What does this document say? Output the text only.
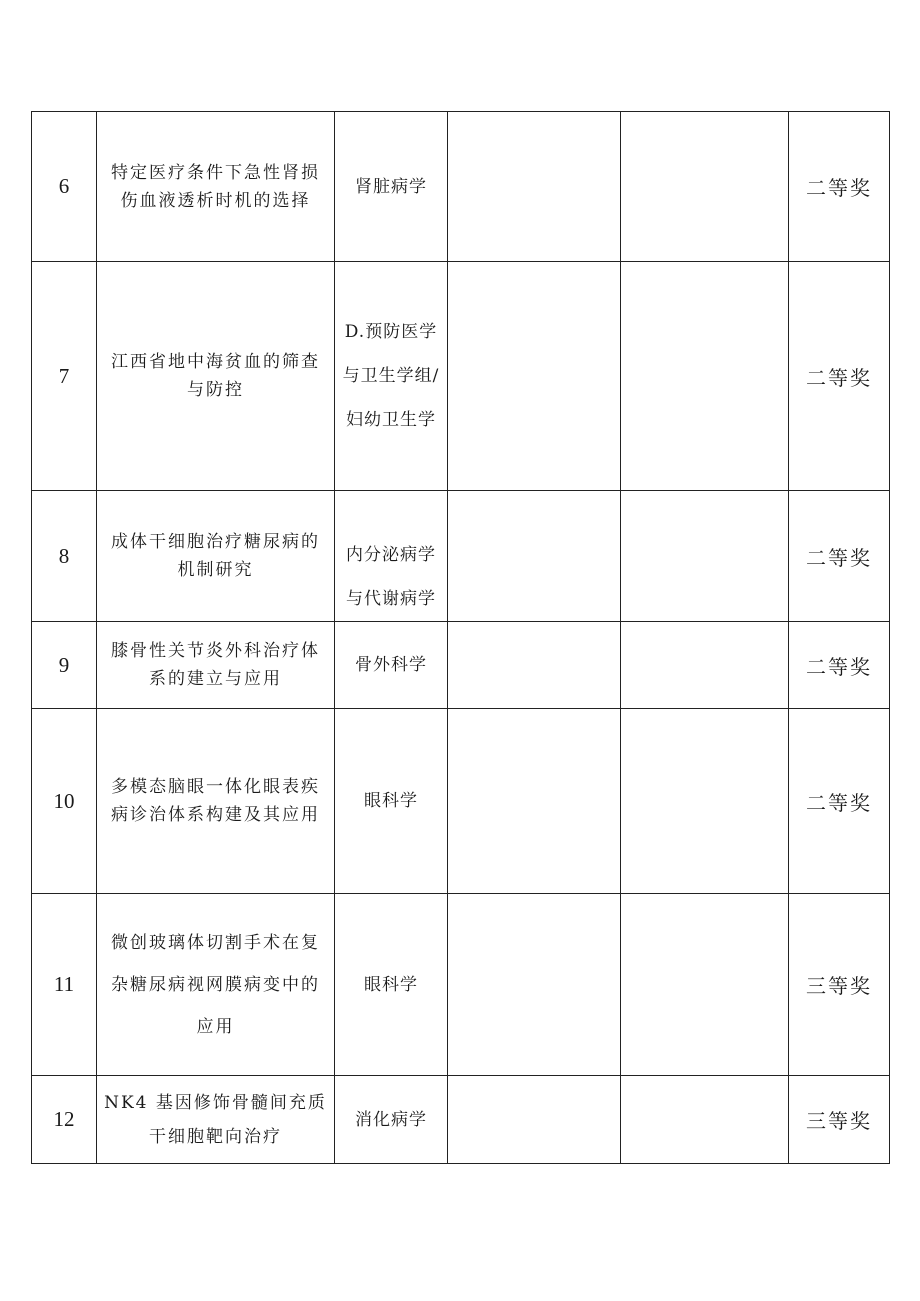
6	特定医疗条件下急性肾损
伤血液透析时机的选择	肾脏病学			二等奖
7	江西省地中海贫血的筛查
与防控	D.预防医学
与卫生学组/
妇幼卫生学			二等奖
8	成体干细胞治疗糖尿病的
机制研究	内分泌病学
与代谢病学			二等奖
9	膝骨性关节炎外科治疗体
系的建立与应用	骨外科学			二等奖
10	多模态脑眼一体化眼表疾
病诊治体系构建及其应用	眼科学			二等奖
11	微创玻璃体切割手术在复
杂糖尿病视网膜病变中的
应用	眼科学			三等奖
12	NK4 基因修饰骨髓间充质
干细胞靶向治疗	消化病学			三等奖
